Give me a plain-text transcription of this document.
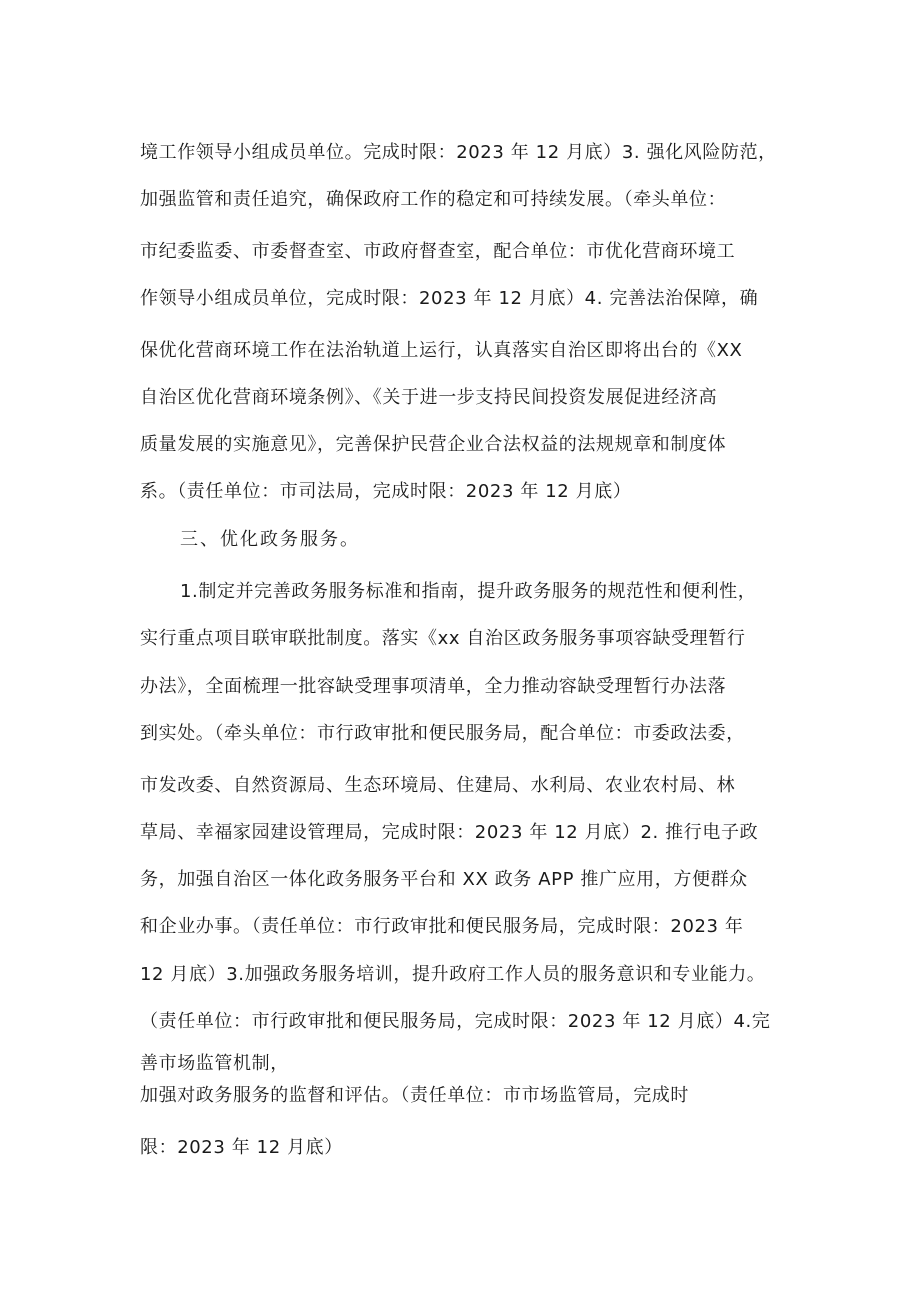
境工作领导小组成员单位。完成时限：2023 年 12 月底）3. 强化风险防范，
加强监管和责任追究，确保政府工作的稳定和可持续发展。（牵头单位：
市纪委监委、市委督查室、市政府督查室，配合单位：市优化营商环境工
作领导小组成员单位，完成时限：2023 年 12 月底）4. 完善法治保障，确
保优化营商环境工作在法治轨道上运行，认真落实自治区即将出台的《XX
自治区优化营商环境条例》、《关于进一步支持民间投资发展促进经济高
质量发展的实施意见》，完善保护民营企业合法权益的法规规章和制度体
系。（责任单位：市司法局，完成时限：2023 年 12 月底）
三、优化政务服务。
1.制定并完善政务服务标准和指南，提升政务服务的规范性和便利性，
实行重点项目联审联批制度。落实《xx 自治区政务服务事项容缺受理暂行
办法》，全面梳理一批容缺受理事项清单，全力推动容缺受理暂行办法落
到实处。（牵头单位：市行政审批和便民服务局，配合单位：市委政法委，
市发改委、自然资源局、生态环境局、住建局、水利局、农业农村局、林
草局、幸福家园建设管理局，完成时限：2023 年 12 月底）2. 推行电子政
务，加强自治区一体化政务服务平台和 XX 政务 APP 推广应用，方便群众
和企业办事。（责任单位：市行政审批和便民服务局，完成时限：2023 年
12 月底）3.加强政务服务培训，提升政府工作人员的服务意识和专业能力。
（责任单位：市行政审批和便民服务局，完成时限：2023 年 12 月底）4.完
善市场监管机制，
加强对政务服务的监督和评估。（责任单位：市市场监管局，完成时
限：2023 年 12 月底）
